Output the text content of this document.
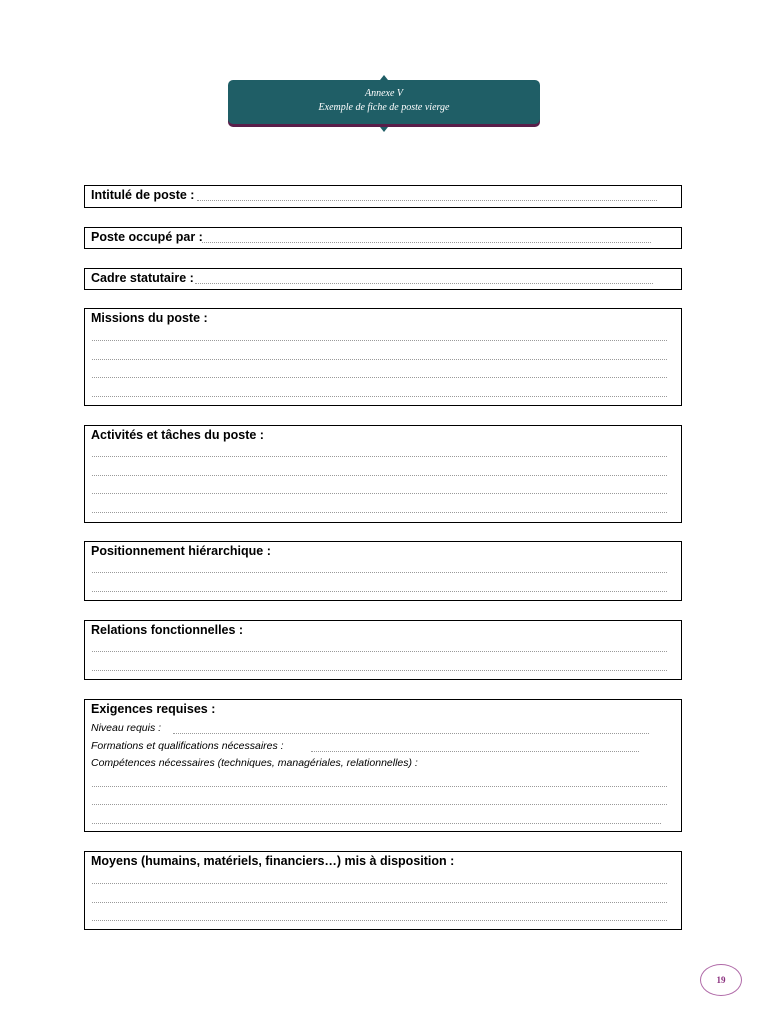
Annexe V
Exemple de fiche de poste vierge
Intitulé de poste :
Poste occupé par :
Cadre statutaire :
Missions du poste :
Activités et tâches du poste :
Positionnement hiérarchique :
Relations fonctionnelles :
Exigences requises :
Niveau requis :
Formations et qualifications nécessaires :
Compétences nécessaires (techniques, managériales, relationnelles) :
Moyens (humains, matériels, financiers…) mis à disposition :
19
